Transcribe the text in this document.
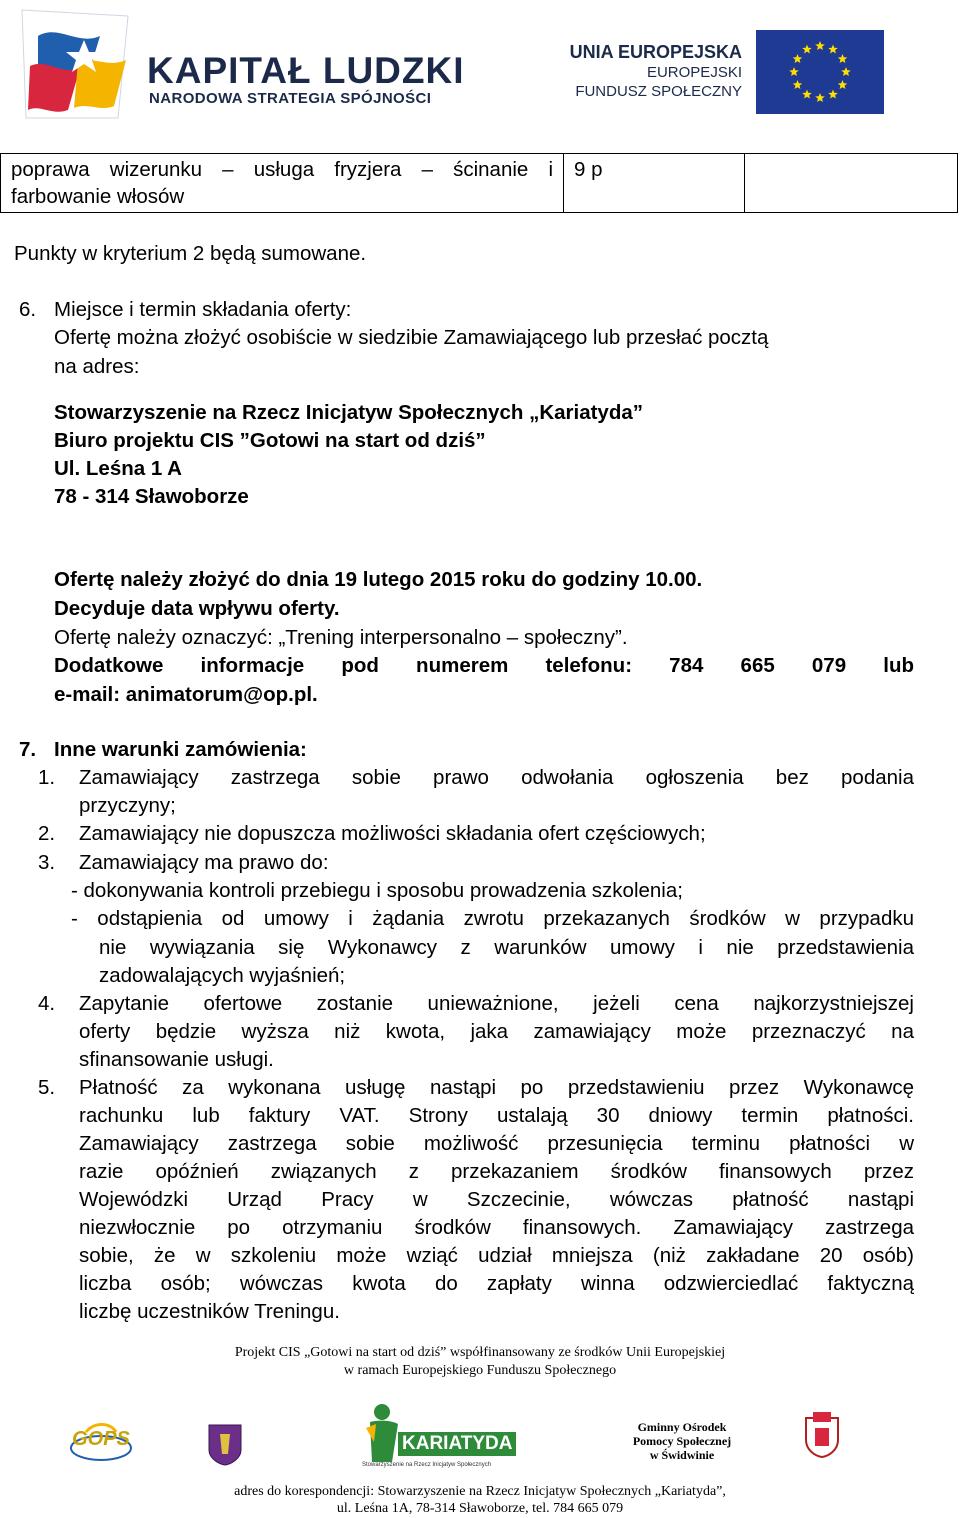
KAPITAŁ LUDZKI
NARODOWA STRATEGIA SPÓJNOŚCI
UNIA EUROPEJSKA
EUROPEJSKI
FUNDUSZ SPOŁECZNY
poprawa wizerunku – usługa fryzjera – ścinanie i
farbowanie włosów
	9 p	
Punkty w kryterium 2 będą sumowane.
6. Miejsce i termin składania oferty:
Ofertę można złożyć osobiście w siedzibie Zamawiającego lub przesłać pocztą
na adres:
Stowarzyszenie na Rzecz Inicjatyw Społecznych „Kariatyda”
Biuro projektu CIS ”Gotowi na start od dziś”
Ul. Leśna 1 A
78 - 314 Sławoborze
Ofertę należy złożyć do dnia 19 lutego 2015 roku do godziny 10.00.
Decyduje data wpływu oferty.
Ofertę należy oznaczyć: „Trening interpersonalno – społeczny”.
Dodatkowe informacje pod numerem telefonu: 784 665 079 lub
e-mail: animatorum@op.pl.
7. Inne warunki zamówienia:
1. Zamawiający zastrzega sobie prawo odwołania ogłoszenia bez podania
przyczyny;
2. Zamawiający nie dopuszcza możliwości składania ofert częściowych;
3. Zamawiający ma prawo do:
- dokonywania kontroli przebiegu i sposobu prowadzenia szkolenia;
- odstąpienia od umowy i żądania zwrotu przekazanych środków w przypadku
nie wywiązania się Wykonawcy z warunków umowy i nie przedstawienia
zadowalających wyjaśnień;
4. Zapytanie ofertowe zostanie unieważnione, jeżeli cena najkorzystniejszej
oferty będzie wyższa niż kwota, jaka zamawiający może przeznaczyć na
sfinansowanie usługi.
5. Płatność za wykonana usługę nastąpi po przedstawieniu przez Wykonawcę
rachunku lub faktury VAT. Strony ustalają 30 dniowy termin płatności.
Zamawiający zastrzega sobie możliwość przesunięcia terminu płatności w
razie opóźnień związanych z przekazaniem środków finansowych przez
Wojewódzki Urząd Pracy w Szczecinie, wówczas płatność nastąpi
niezwłocznie po otrzymaniu środków finansowych. Zamawiający zastrzega
sobie, że w szkoleniu może wziąć udział mniejsza (niż zakładane 20 osób)
liczba osób; wówczas kwota do zapłaty winna odzwierciedlać faktyczną
liczbę uczestników Treningu.
Projekt CIS „Gotowi na start od dziś” współfinansowany ze środków Unii Europejskiej
w ramach Europejskiego Funduszu Społecznego
GOPS	KARIATYDA
Stowarzyszenie na Rzecz Inicjatyw Społecznych
Gminny Ośrodek
Pomocy Społecznej
w Świdwinie
adres do korespondencji: Stowarzyszenie na Rzecz Inicjatyw Społecznych „Kariatyda”,
ul. Leśna 1A, 78-314 Sławoborze, tel. 784 665 079
